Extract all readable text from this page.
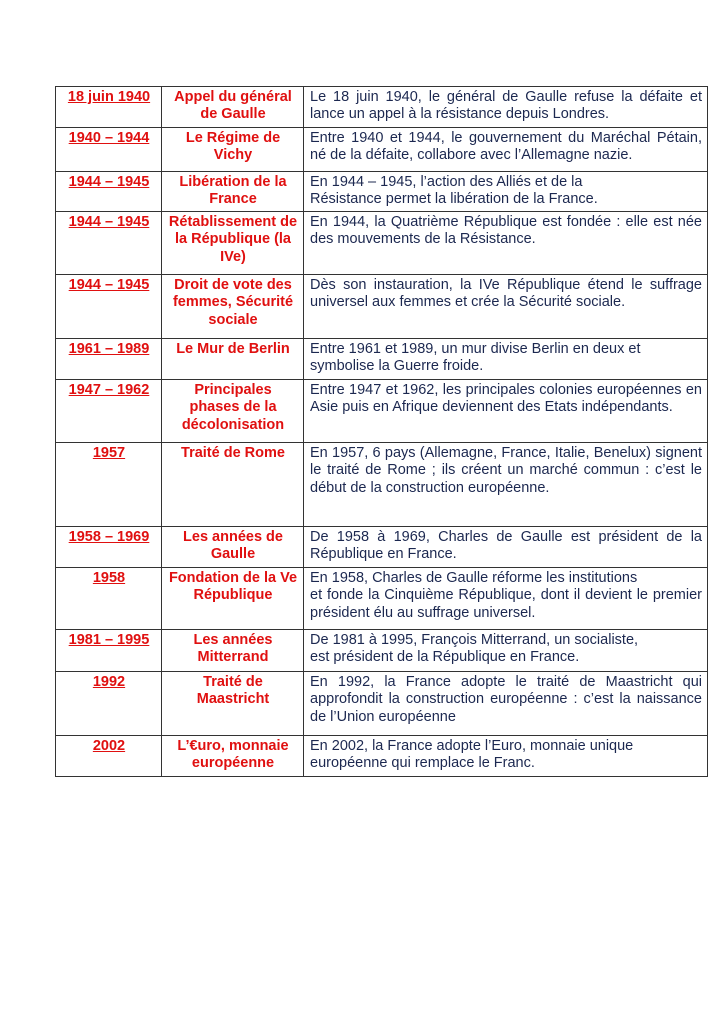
18 juin 1940	Appel du général de Gaulle	Le 18 juin 1940, le général de Gaulle refuse la défaite et lance un appel à la résistance depuis Londres.
1940 – 1944	Le Régime de Vichy	Entre 1940 et 1944, le gouvernement du Maréchal Pétain, né de la défaite, collabore avec l’Allemagne nazie.
1944 – 1945	Libération de la France	En 1944 – 1945, l’action des Alliés et de la
Résistance permet la libération de la France.
1944 – 1945	Rétablissement de la République (la IVe)	En 1944, la Quatrième République est fondée : elle est née des mouvements de la Résistance.
1944 – 1945	Droit de vote des femmes, Sécurité sociale	Dès son instauration, la IVe République étend le suffrage universel aux femmes et crée la Sécurité sociale.
1961 – 1989	Le Mur de Berlin	Entre 1961 et 1989, un mur divise Berlin en deux et
symbolise la Guerre froide.
1947 – 1962	Principales phases de la décolonisation	Entre 1947 et 1962, les principales colonies européennes en Asie puis en Afrique deviennent des Etats indépendants.
1957	Traité de Rome	En 1957, 6 pays (Allemagne, France, Italie, Benelux) signent le traité de Rome ; ils créent un marché commun : c’est le début de la construction européenne.
1958 – 1969	Les années de Gaulle	De 1958 à 1969, Charles de Gaulle est président de la République en France.
1958	Fondation de la Ve République	En 1958, Charles de Gaulle réforme les institutions
et fonde la Cinquième République, dont il devient le premier président élu au suffrage universel.
1981 – 1995	Les années Mitterrand	De 1981 à 1995, François Mitterrand, un socialiste,
est président de la République en France.
1992	Traité de Maastricht	En 1992, la France adopte le traité de Maastricht qui approfondit la construction européenne : c’est la naissance de l’Union européenne
2002	L’€uro, monnaie européenne	En 2002, la France adopte l’Euro, monnaie unique
européenne qui remplace le Franc.
